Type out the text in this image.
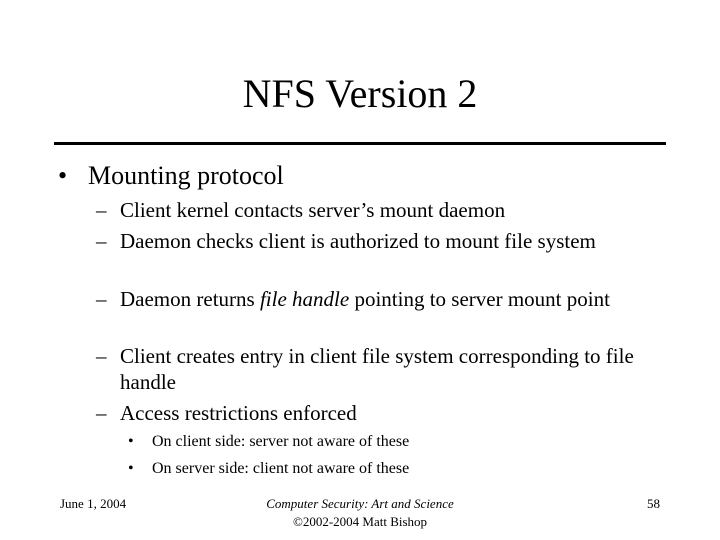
NFS Version 2
• Mounting protocol
– Client kernel contacts server’s mount daemon
– Daemon checks client is authorized to mount file system
– Daemon returns file handle pointing to server mount point
– Client creates entry in client file system corresponding to file handle
– Access restrictions enforced
• On client side: server not aware of these
• On server side: client not aware of these
June 1, 2004	Computer Security: Art and Science
©2002-2004 Matt Bishop
58
